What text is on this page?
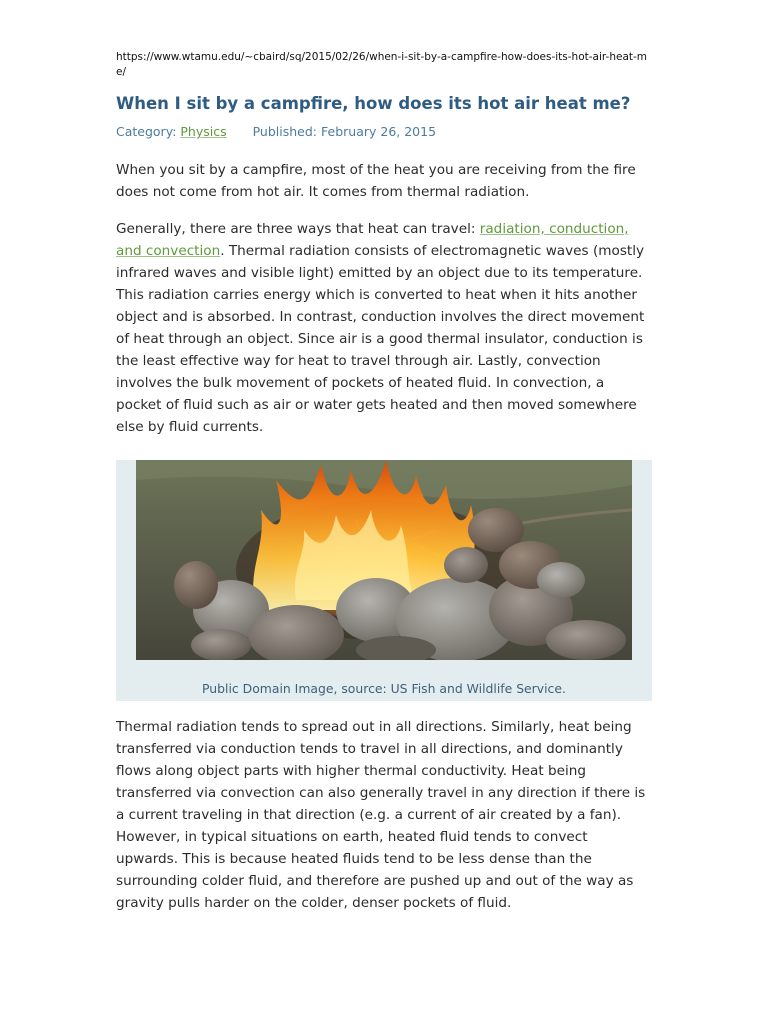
https://www.wtamu.edu/~cbaird/sq/2015/02/26/when-i-sit-by-a-campfire-how-does-its-hot-air-heat-me/
When I sit by a campfire, how does its hot air heat me?
Category: Physics Published: February 26, 2015

When you sit by a campfire, most of the heat you are receiving from the fire does not come from hot air. It comes from thermal radiation.

Generally, there are three ways that heat can travel: radiation, conduction, and convection. Thermal radiation consists of electromagnetic waves (mostly infrared waves and visible light) emitted by an object due to its temperature. This radiation carries energy which is converted to heat when it hits another object and is absorbed. In contrast, conduction involves the direct movement of heat through an object. Since air is a good thermal insulator, conduction is the least effective way for heat to travel through air. Lastly, convection involves the bulk movement of pockets of heated fluid. In convection, a pocket of fluid such as air or water gets heated and then moved somewhere else by fluid currents.

Public Domain Image, source: US Fish and Wildlife Service.

Thermal radiation tends to spread out in all directions. Similarly, heat being transferred via conduction tends to travel in all directions, and dominantly flows along object parts with higher thermal conductivity. Heat being transferred via convection can also generally travel in any direction if there is a current traveling in that direction (e.g. a current of air created by a fan). However, in typical situations on earth, heated fluid tends to convect upwards. This is because heated fluids tend to be less dense than the surrounding colder fluid, and therefore are pushed up and out of the way as gravity pulls harder on the colder, denser pockets of fluid.
